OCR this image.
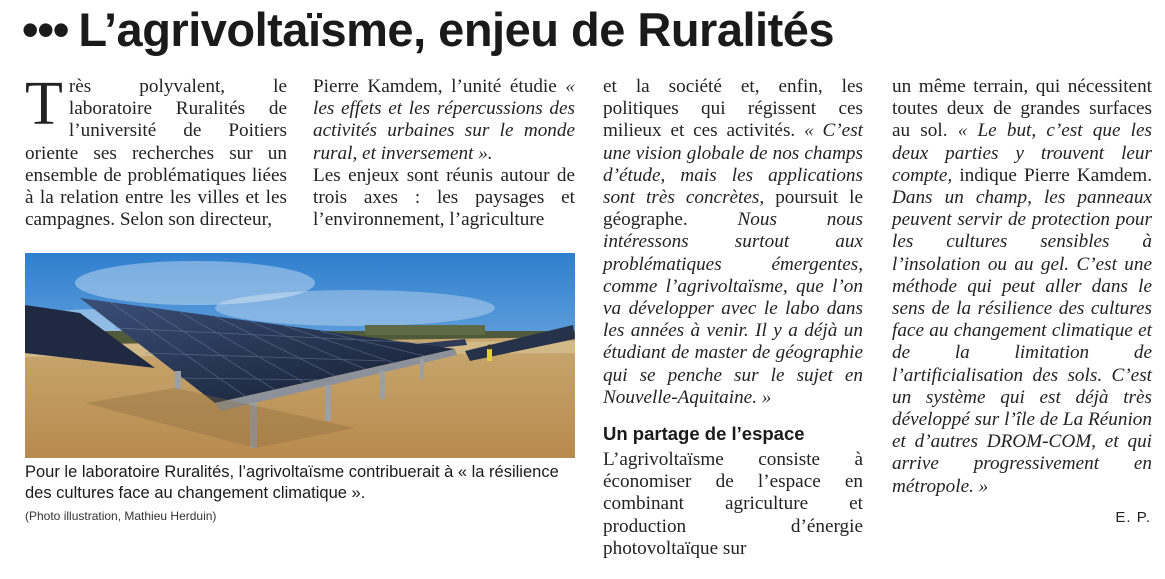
••• L’agrivoltaïsme, enjeu de Ruralités

Très polyvalent, le laboratoire Ruralités de l’université de Poitiers oriente ses recherches sur un ensemble de problématiques liées à la relation entre les villes et les campagnes. Selon son directeur,

Pierre Kamdem, l’unité étudie « les effets et les répercussions des activités urbaines sur le monde rural, et inversement ».

Les enjeux sont réunis autour de trois axes : les paysages et l’environnement, l’agriculture

et la société et, enfin, les politiques qui régissent ces milieux et ces activités. « C’est une vision globale de nos champs d’étude, mais les applications sont très concrètes, poursuit le géographe. Nous nous intéressons surtout aux problématiques émergentes, comme l’agrivoltaïsme, que l’on va développer avec le labo dans les années à venir. Il y a déjà un étudiant de master de géographie qui se penche sur le sujet en Nouvelle-Aquitaine. »

Un partage de l’espace

L’agrivoltaïsme consiste à économiser de l’espace en combinant agriculture et production d’énergie photovoltaïque sur

un même terrain, qui nécessitent toutes deux de grandes surfaces au sol. « Le but, c’est que les deux parties y trouvent leur compte, indique Pierre Kamdem. Dans un champ, les panneaux peuvent servir de protection pour les cultures sensibles à l’insolation ou au gel. C’est une méthode qui peut aller dans le sens de la résilience des cultures face au changement climatique et de la limitation de l’artificialisation des sols. C’est un système qui est déjà très développé sur l’île de La Réunion et d’autres DROM-COM, et qui arrive progressivement en métropole. »

Pour le laboratoire Ruralités, l’agrivoltaïsme contribuerait à « la résilience des cultures face au changement climatique ».
(Photo illustration, Mathieu Herduin)	E. P.
